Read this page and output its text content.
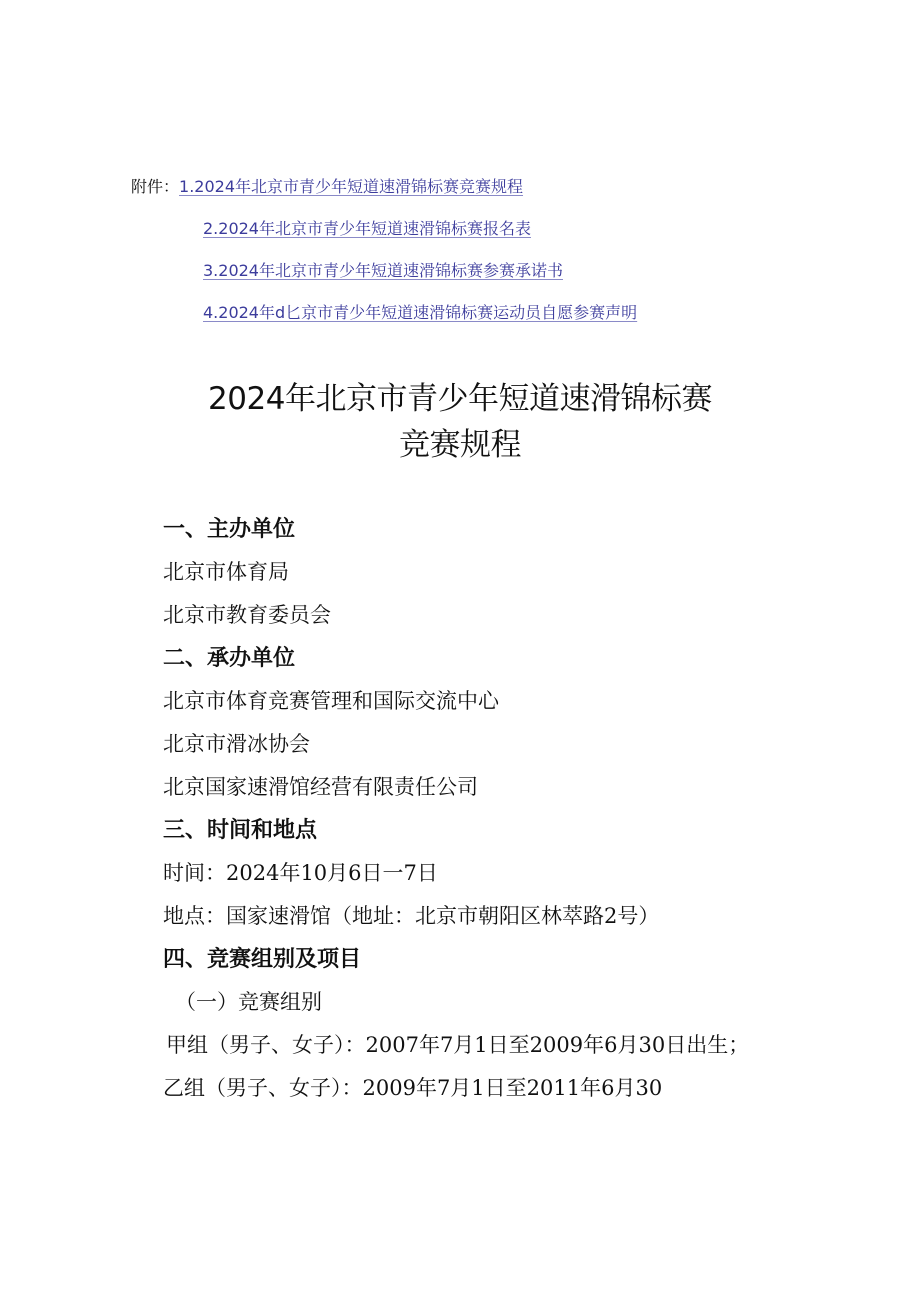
附件：1.2024年北京市青少年短道速滑锦标赛竞赛规程
2.2024年北京市青少年短道速滑锦标赛报名表
3.2024年北京市青少年短道速滑锦标赛参赛承诺书
4.2024年d匕京市青少年短道速滑锦标赛运动员自愿参赛声明
2024年北京市青少年短道速滑锦标赛
竞赛规程
一、主办单位
北京市体育局
北京市教育委员会
二、承办单位
北京市体育竞赛管理和国际交流中心
北京市滑冰协会
北京国家速滑馆经营有限责任公司
三、时间和地点
时间：2024年10月6日一7日
地点：国家速滑馆（地址：北京市朝阳区林萃路2号）
四、竞赛组别及项目
（一）竞赛组别
甲组（男子、女子）：2007年7月1日至2009年6月30日出生；
乙组（男子、女子）：2009年7月1日至2011年6月30
